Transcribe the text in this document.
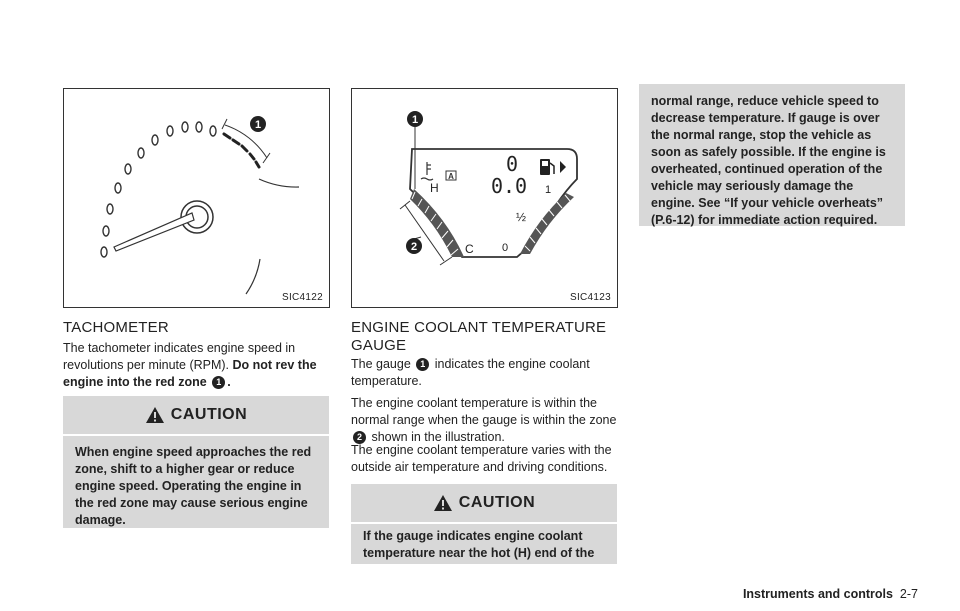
1
SIC4122
TACHOMETER

The tachometer indicates engine speed in revolutions per minute (RPM). Do not rev the engine into the red zone 1 .

CAUTION
When engine speed approaches the red zone, shift to a higher gear or reduce engine speed. Operating the engine in the red zone may cause serious engine damage.
A
0
0.0
H
C	0
½
1
1
2
SIC4123
ENGINE COOLANT TEMPERATURE GAUGE

The gauge 1 indicates the engine coolant temperature.

The engine coolant temperature is within the normal range when the gauge is within the zone 2 shown in the illustration.

The engine coolant temperature varies with the outside air temperature and driving conditions.

CAUTION
If the gauge indicates engine coolant temperature near the hot (H) end of the
normal range, reduce vehicle speed to decrease temperature. If gauge is over the normal range, stop the vehicle as soon as safely possible. If the engine is overheated, continued operation of the vehicle may seriously damage the engine. See “If your vehicle overheats” (P.6-12) for immediate action required.
Instruments and controls 2-7
